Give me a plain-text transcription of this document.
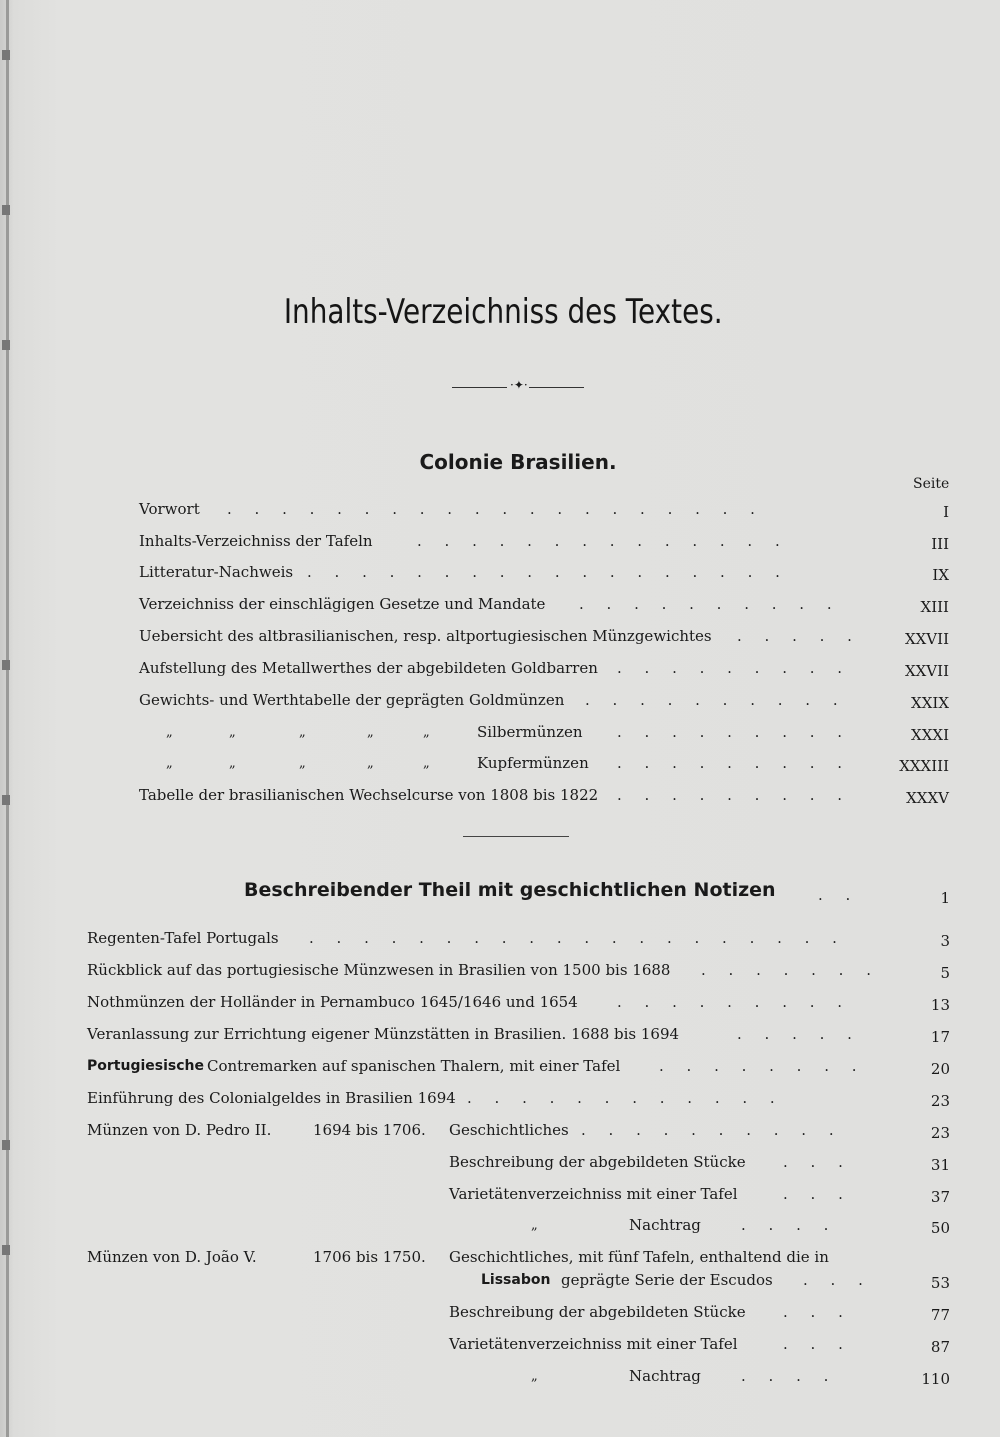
Inhalts-Verzeichniss des Textes.
·✦·
Colonie Brasilien.
Seite
Vorwort . . . . . . . . . . . . . . . . . . . .	I
Inhalts-Verzeichniss der Tafeln	. . . . . . . . . . . . . .	III
Litteratur-Nachweis . . . . . . . . . . . . . . . . . .	IX
Verzeichniss der einschlägigen Gesetze und Mandate . . . . . . . . . .	XIII
Uebersicht des altbrasilianischen, resp. altportugiesischen Münzgewichtes . . . . .	XXVII
Aufstellung des Metallwerthes der abgebildeten Goldbarren . . . . . . . . .	XXVII
Gewichts- und Werthtabelle der geprägten Goldmünzen . . . . . . . . . .	XXIX
„	„	„	„	„	Silbermünzen . . . . . . . . .	XXXI
„	„	„	„	„	Kupfermünzen . . . . . . . . .	XXXIII
Tabelle der brasilianischen Wechselcurse von 1808 bis 1822 . . . . . . . . .	XXXV
Beschreibender Theil mit geschichtlichen Notizen	. .	1
Regenten-Tafel Portugals . . . . . . . . . . . . . . . . . . . .	3
Rückblick auf das portugiesische Münzwesen in Brasilien von 1500 bis 1688 . . . . . . .	5
Nothmünzen der Holländer in Pernambuco 1645/1646 und 1654	. . . . . . . . .	13
Veranlassung zur Errichtung eigener Münzstätten in Brasilien. 1688 bis 1694	. . . . .	17
Portugiesische Contremarken auf spanischen Thalern, mit einer Tafel	. . . . . . . .	20
Einführung des Colonialgeldes in Brasilien 1694 . . . . . . . . . . . .	23
Münzen von D. Pedro II.	1694 bis 1706. Geschichtliches . . . . . . . . . .	23
Beschreibung der abgebildeten Stücke . . .	31
Varietätenverzeichniss mit einer Tafel	. . .	37
„	Nachtrag	. . . .	50
Münzen von D. João V.	1706 bis 1750. Geschichtliches, mit fünf Tafeln, enthaltend die in
Lissabon geprägte Serie der Escudos . . .	53
Beschreibung der abgebildeten Stücke . . .	77
Varietätenverzeichniss mit einer Tafel	. . .	87
„	Nachtrag	. . . .	110
